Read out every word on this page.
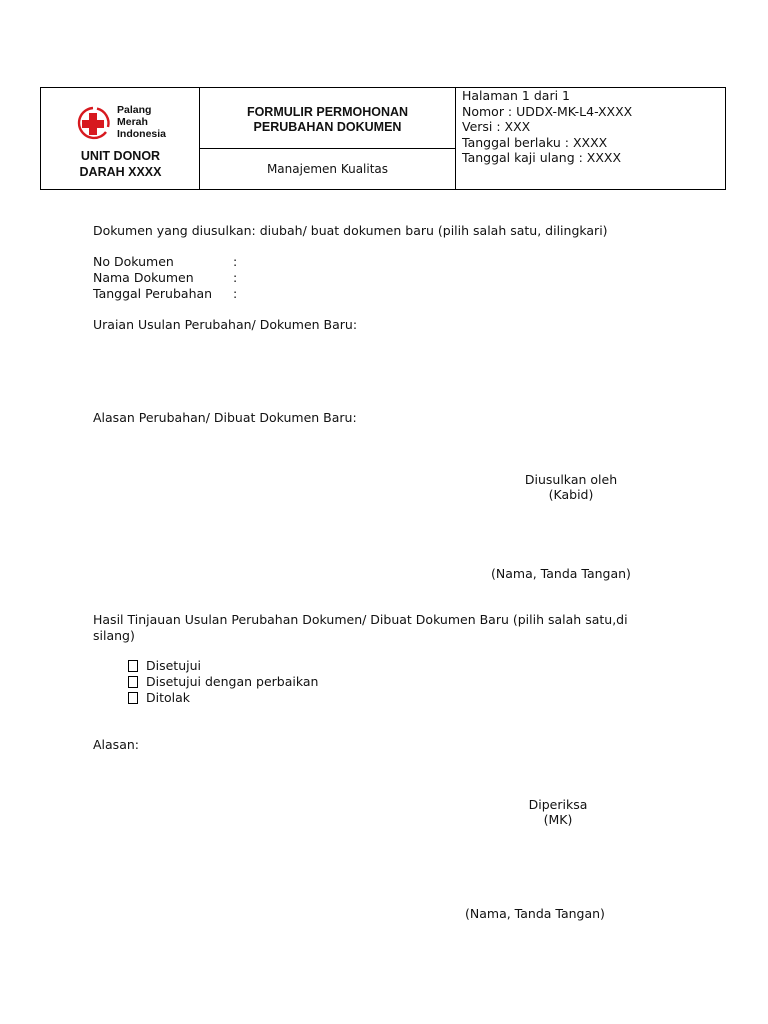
Palang
Merah
Indonesia
UNIT DONOR
DARAH XXXX
FORMULIR PERMOHONAN
PERUBAHAN DOKUMEN
Manajemen Kualitas
Halaman 1 dari 1
Nomor : UDDX-MK-L4-XXXX
Versi : XXX
Tanggal berlaku : XXXX
Tanggal kaji ulang : XXXX
Dokumen yang diusulkan: diubah/ buat dokumen baru (pilih salah satu, dilingkari)
No Dokumen	:
Nama Dokumen	:
Tanggal Perubahan :
Uraian Usulan Perubahan/ Dokumen Baru:
Alasan Perubahan/ Dibuat Dokumen Baru:
Diusulkan oleh
(Kabid)
(Nama, Tanda Tangan)
Hasil Tinjauan Usulan Perubahan Dokumen/ Dibuat Dokumen Baru (pilih salah satu,di
silang)
Disetujui
Disetujui dengan perbaikan
Ditolak
Alasan:
Diperiksa
(MK)
(Nama, Tanda Tangan)
